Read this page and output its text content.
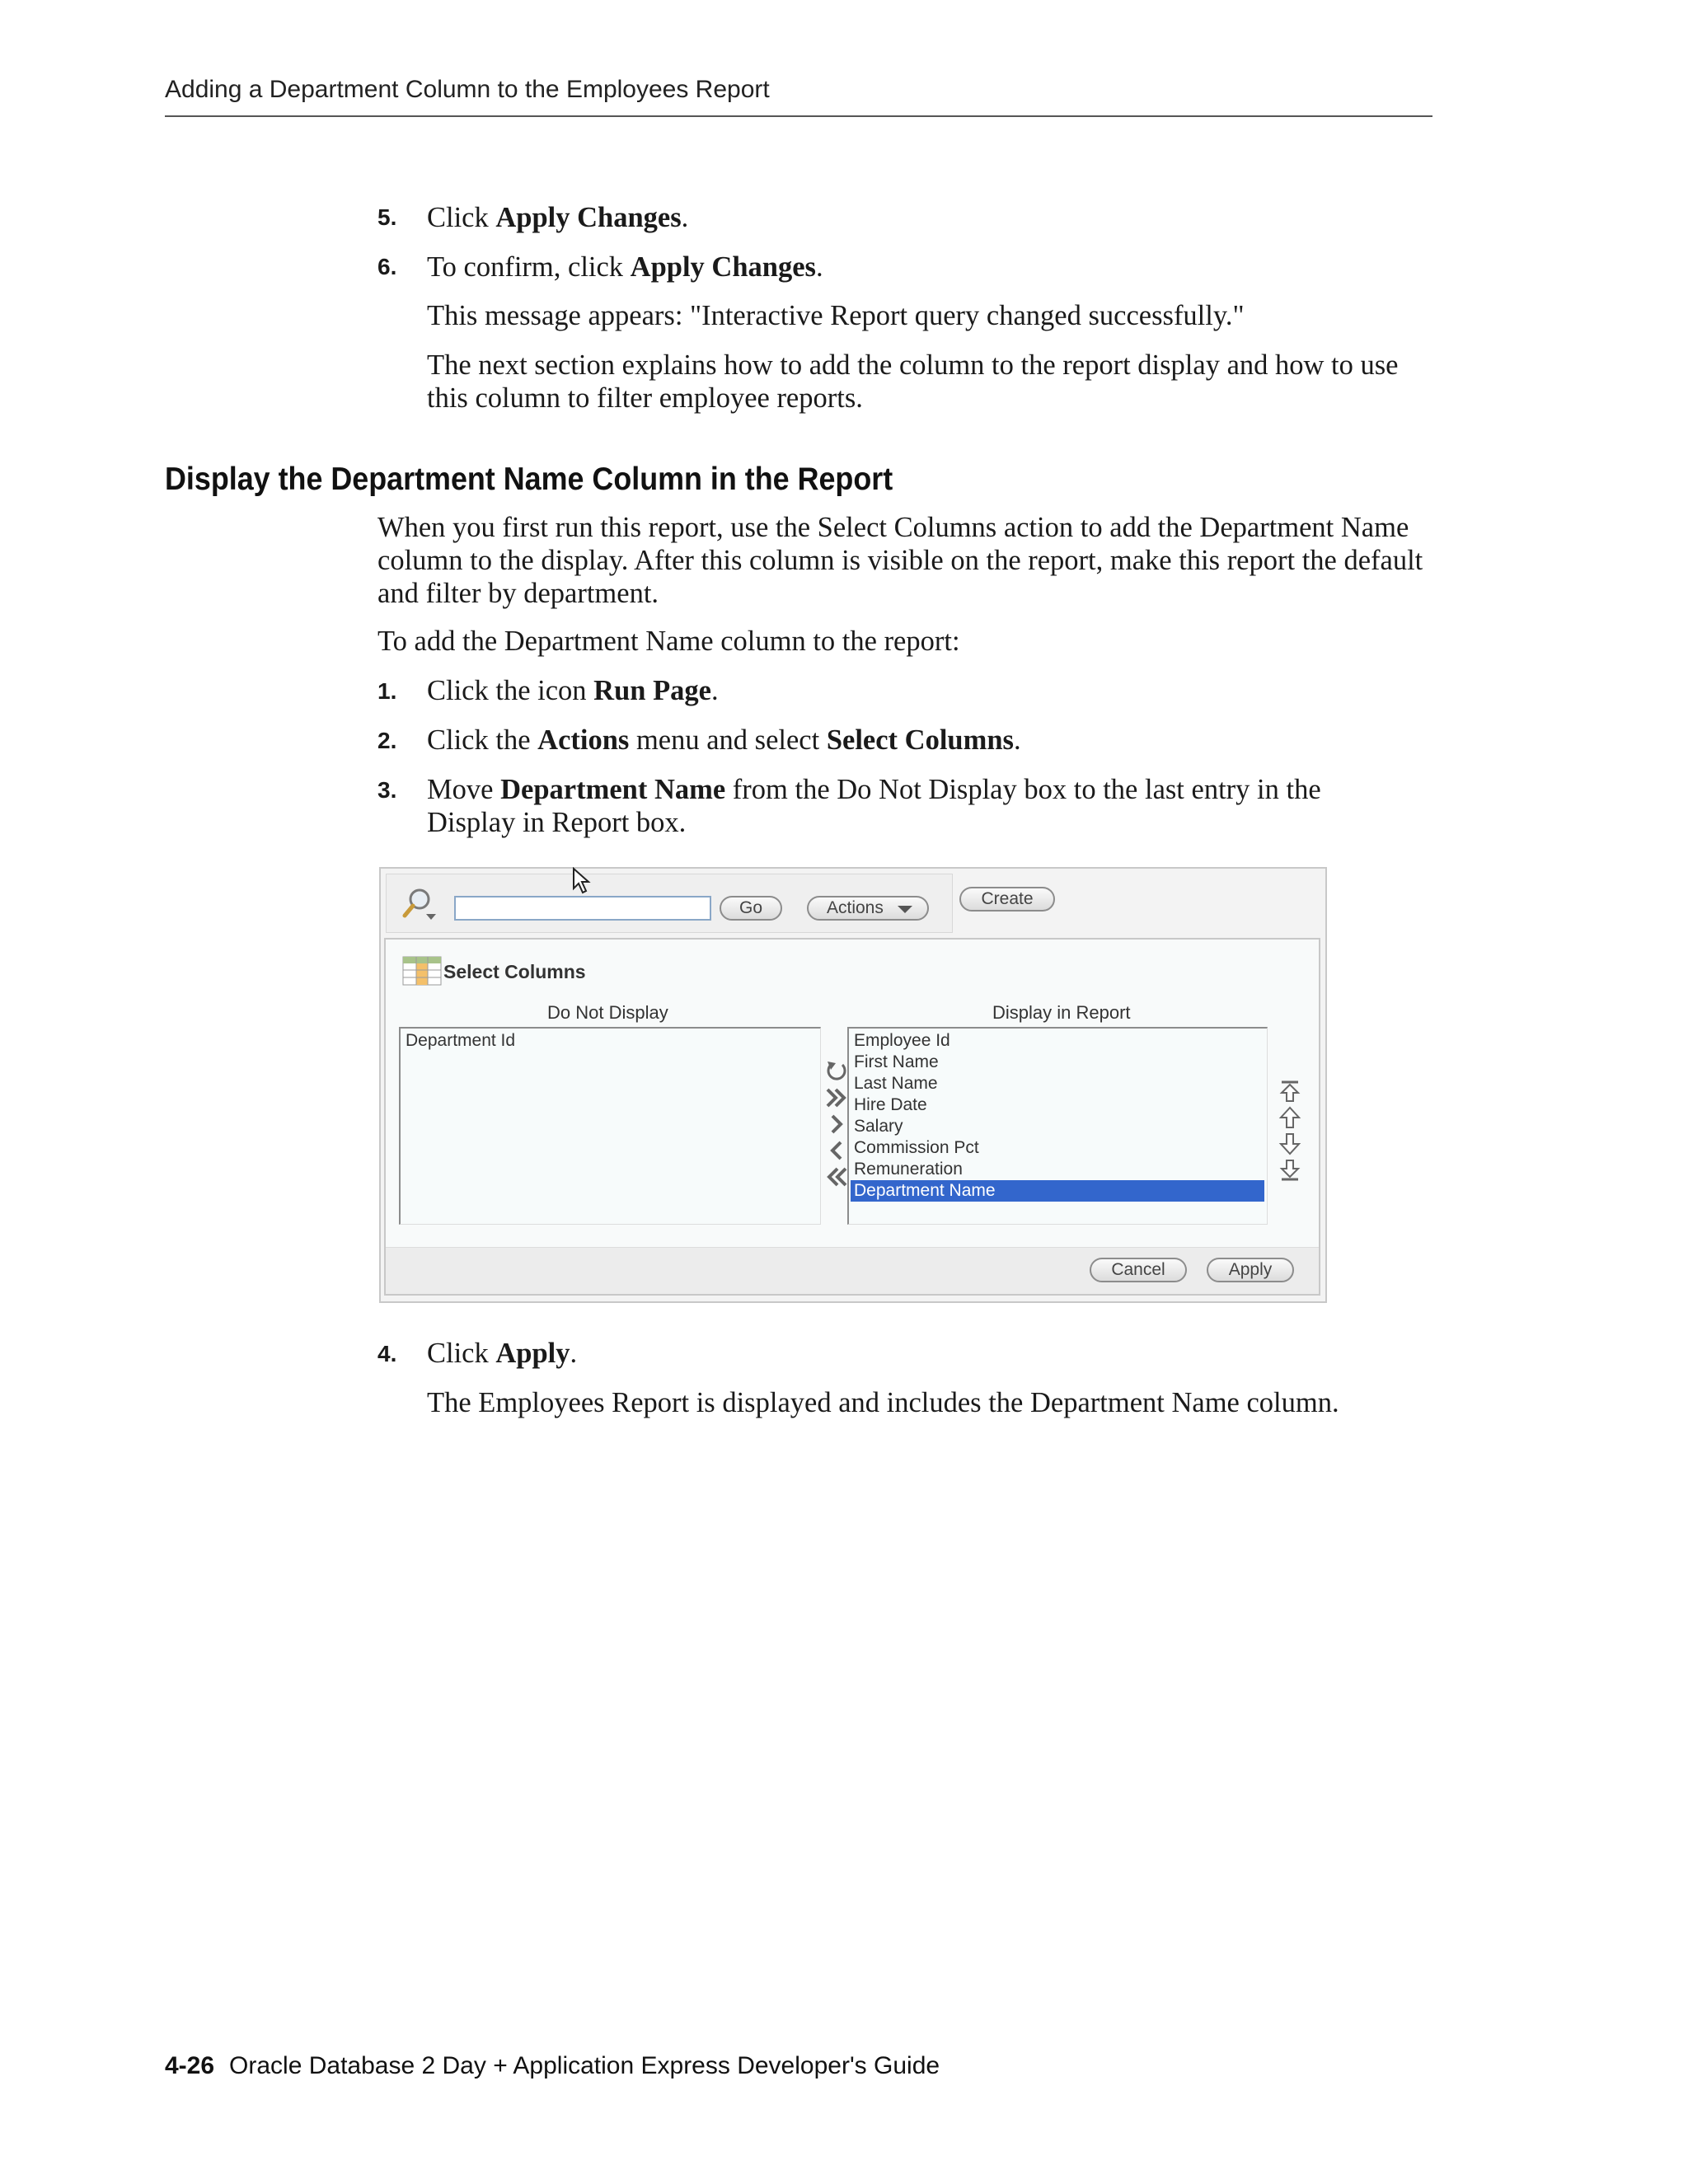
Adding a Department Column to the Employees Report
5. Click Apply Changes.
6. To confirm, click Apply Changes.
This message appears: "Interactive Report query changed successfully."
The next section explains how to add the column to the report display and how to use this column to filter employee reports.
Display the Department Name Column in the Report
When you first run this report, use the Select Columns action to add the Department Name column to the display. After this column is visible on the report, make this report the default and filter by department.
To add the Department Name column to the report:
1. Click the icon Run Page.
2. Click the Actions menu and select Select Columns.
3. Move Department Name from the Do Not Display box to the last entry in the Display in Report box.
Go	Actions	Create
Select Columns
Do Not Display	Display in Report
Department Id	Employee Id
First Name
Last Name
Hire Date
Salary
Commission Pct
Remuneration
Department Name
Cancel	Apply
4. Click Apply.
The Employees Report is displayed and includes the Department Name column.
4-26 Oracle Database 2 Day + Application Express Developer's Guide
